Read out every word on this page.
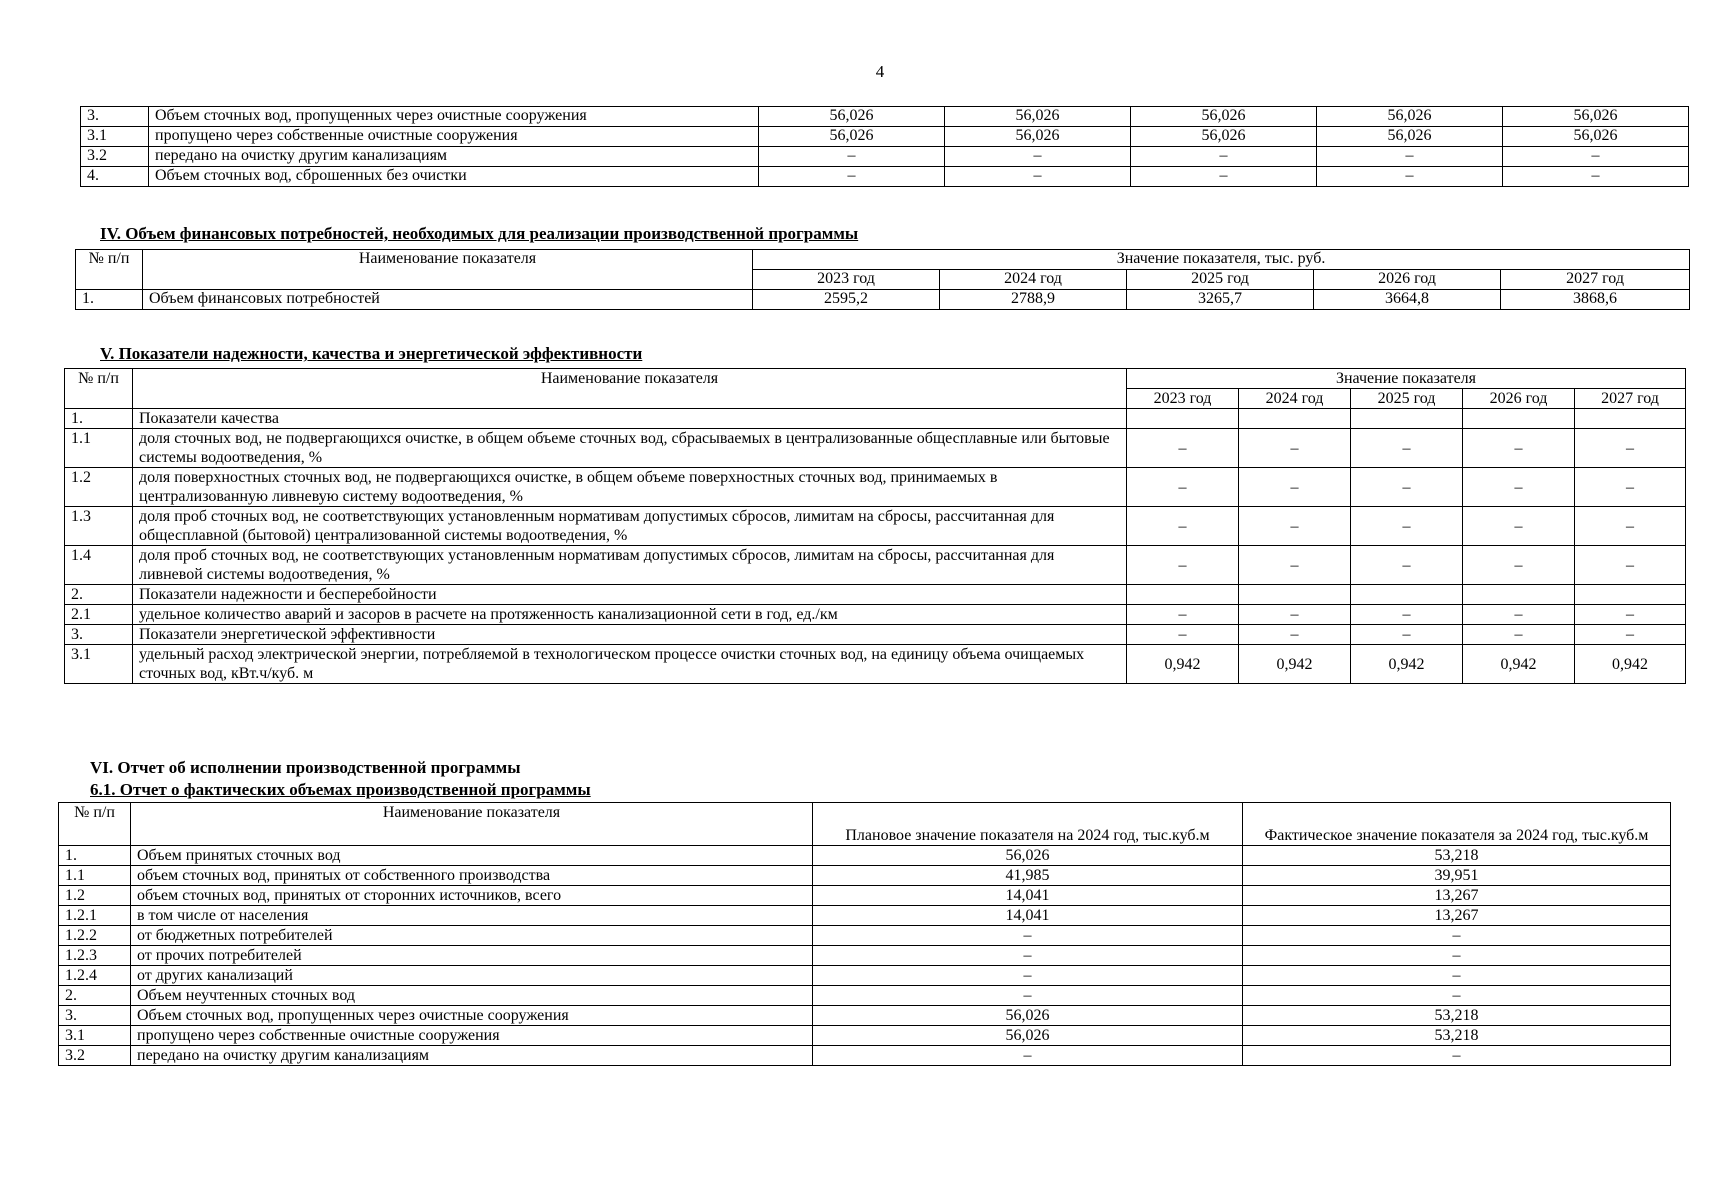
4
3.	Объем сточных вод, пропущенных через очистные сооружения	56,026	56,026	56,026	56,026	56,026
3.1	пропущено через собственные очистные сооружения	56,026	56,026	56,026	56,026	56,026
3.2	передано на очистку другим канализациям	–	–	–	–	–
4.	Объем сточных вод, сброшенных без очистки	–	–	–	–	–
IV. Объем финансовых потребностей, необходимых для реализации производственной программы
№ п/п	Наименование показателя	Значение показателя, тыс. руб.				
		2023 год	2024 год	2025 год	2026 год	2027 год
1.	Объем финансовых потребностей	2595,2	2788,9	3265,7	3664,8	3868,6
V. Показатели надежности, качества и энергетической эффективности
№ п/п	Наименование показателя	Значение показателя				
		2023 год	2024 год	2025 год	2026 год	2027 год
1.	Показатели качества					
1.1	доля сточных вод, не подвергающихся очистке, в общем объеме сточных вод, сбрасываемых в централизованные общесплавные или бытовые системы водоотведения, %	–	–	–	–	–
1.2	доля поверхностных сточных вод, не подвергающихся очистке, в общем объеме поверхностных сточных вод, принимаемых в централизованную ливневую систему водоотведения, %	–	–	–	–	–
1.3	доля проб сточных вод, не соответствующих установленным нормативам допустимых сбросов, лимитам на сбросы, рассчитанная для общесплавной (бытовой) централизованной системы водоотведения, %	–	–	–	–	–
1.4	доля проб сточных вод, не соответствующих установленным нормативам допустимых сбросов, лимитам на сбросы, рассчитанная для ливневой системы водоотведения, %	–	–	–	–	–
2.	Показатели надежности и бесперебойности					
2.1	удельное количество аварий и засоров в расчете на протяженность канализационной сети в год, ед./км	–	–	–	–	–
3.	Показатели энергетической эффективности	–	–	–	–	–
3.1	удельный расход электрической энергии, потребляемой в технологическом процессе очистки сточных вод, на единицу объема очищаемых сточных вод, кВт.ч/куб. м	0,942	0,942	0,942	0,942	0,942
VI. Отчет об исполнении производственной программы
6.1. Отчет о фактических объемах производственной программы
№ п/п	Наименование показателя	Плановое значение показателя на 2024 год, тыс.куб.м	Фактическое значение показателя за 2024 год, тыс.куб.м
1.	Объем принятых сточных вод	56,026	53,218
1.1	объем сточных вод, принятых от собственного производства	41,985	39,951
1.2	объем сточных вод, принятых от сторонних источников, всего	14,041	13,267
1.2.1	в том числе от населения	14,041	13,267
1.2.2	от бюджетных потребителей	–	–
1.2.3	от прочих потребителей	–	–
1.2.4	от других канализаций	–	–
2.	Объем неучтенных сточных вод	–	–
3.	Объем сточных вод, пропущенных через очистные сооружения	56,026	53,218
3.1	пропущено через собственные очистные сооружения	56,026	53,218
3.2	передано на очистку другим канализациям	–	–
